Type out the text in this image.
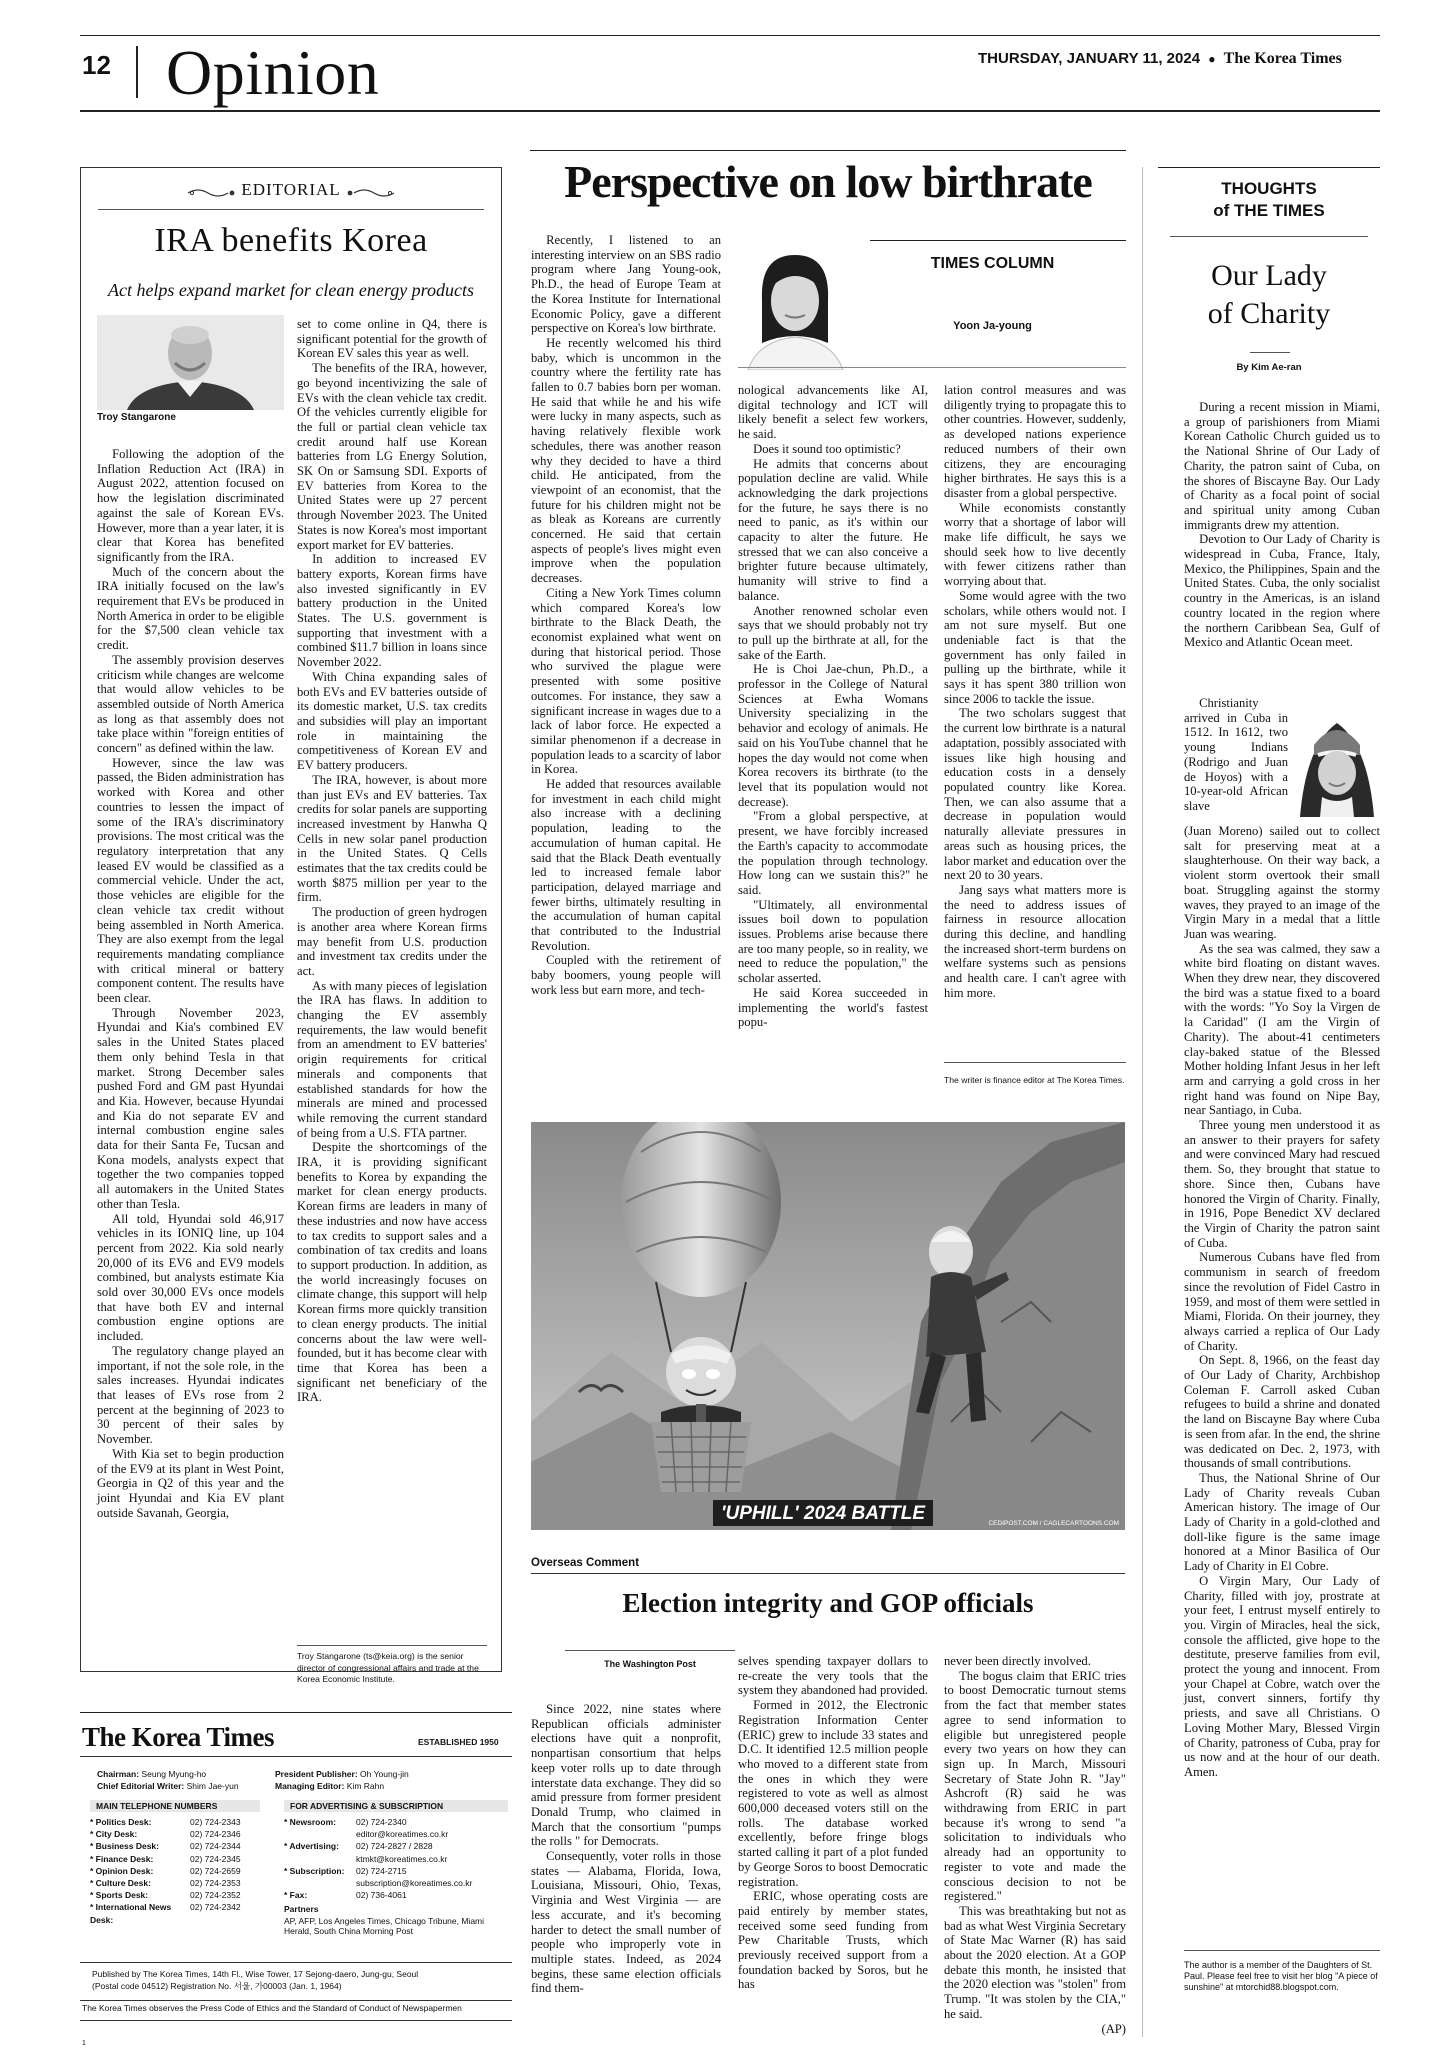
12 Opinion	THURSDAY, JANUARY 11, 2024 ● The Korea Times
EDITORIAL
IRA benefits Korea
Act helps expand market for clean energy products
Troy Stangarone

Following the adoption of the Inflation Reduction Act (IRA) in August 2022, attention focused on how the legislation discriminated against the sale of Korean EVs. However, more than a year later, it is clear that Korea has benefited significantly from the IRA.

Much of the concern about the IRA initially focused on the law's requirement that EVs be produced in North America in order to be eligible for the $7,500 clean vehicle tax credit.

The assembly provision deserves criticism while changes are welcome that would allow vehicles to be assembled outside of North America as long as that assembly does not take place within "foreign entities of concern" as defined within the law.

However, since the law was passed, the Biden administration has worked with Korea and other countries to lessen the impact of some of the IRA's discriminatory provisions. The most critical was the regulatory interpretation that any leased EV would be classified as a commercial vehicle. Under the act, those vehicles are eligible for the clean vehicle tax credit without being assembled in North America. They are also exempt from the legal requirements mandating compliance with critical mineral or battery component content. The results have been clear.

Through November 2023, Hyundai and Kia's combined EV sales in the United States placed them only behind Tesla in that market. Strong December sales pushed Ford and GM past Hyundai and Kia. However, because Hyundai and Kia do not separate EV and internal combustion engine sales data for their Santa Fe, Tucsan and Kona models, analysts expect that together the two companies topped all automakers in the United States other than Tesla.

All told, Hyundai sold 46,917 vehicles in its IONIQ line, up 104 percent from 2022. Kia sold nearly 20,000 of its EV6 and EV9 models combined, but analysts estimate Kia sold over 30,000 EVs once models that have both EV and internal combustion engine options are included.

The regulatory change played an important, if not the sole role, in the sales increases. Hyundai indicates that leases of EVs rose from 2 percent at the beginning of 2023 to 30 percent of their sales by November.

With Kia set to begin production of the EV9 at its plant in West Point, Georgia in Q2 of this year and the joint Hyundai and Kia EV plant outside Savanah, Georgia,

set to come online in Q4, there is significant potential for the growth of Korean EV sales this year as well.

The benefits of the IRA, however, go beyond incentivizing the sale of EVs with the clean vehicle tax credit. Of the vehicles currently eligible for the full or partial clean vehicle tax credit around half use Korean batteries from LG Energy Solution, SK On or Samsung SDI. Exports of EV batteries from Korea to the United States were up 27 percent through November 2023. The United States is now Korea's most important export market for EV batteries.

In addition to increased EV battery exports, Korean firms have also invested significantly in EV battery production in the United States. The U.S. government is supporting that investment with a combined $11.7 billion in loans since November 2022.

With China expanding sales of both EVs and EV batteries outside of its domestic market, U.S. tax credits and subsidies will play an important role in maintaining the competitiveness of Korean EV and EV battery producers.

The IRA, however, is about more than just EVs and EV batteries. Tax credits for solar panels are supporting increased investment by Hanwha Q Cells in new solar panel production in the United States. Q Cells estimates that the tax credits could be worth $875 million per year to the firm.

The production of green hydrogen is another area where Korean firms may benefit from U.S. production and investment tax credits under the act.

As with many pieces of legislation the IRA has flaws. In addition to changing the EV assembly requirements, the law would benefit from an amendment to EV batteries' origin requirements for critical minerals and components that established standards for how the minerals are mined and processed while removing the current standard of being from a U.S. FTA partner.

Despite the shortcomings of the IRA, it is providing significant benefits to Korea by expanding the market for clean energy products. Korean firms are leaders in many of these industries and now have access to tax credits to support sales and a combination of tax credits and loans to support production. In addition, as the world increasingly focuses on climate change, this support will help Korean firms more quickly transition to clean energy products. The initial concerns about the law were well-founded, but it has become clear with time that Korea has been a significant net beneficiary of the IRA.

Troy Stangarone (ts@keia.org) is the senior director of congressional affairs and trade at the Korea Economic Institute.
Perspective on low birthrate
TIMES COLUMN
Yoon Ja-young

Recently, I listened to an interesting interview on an SBS radio program where Jang Young-ook, Ph.D., the head of Europe Team at the Korea Institute for International Economic Policy, gave a different perspective on Korea's low birthrate.

He recently welcomed his third baby, which is uncommon in the country where the fertility rate has fallen to 0.7 babies born per woman. He said that while he and his wife were lucky in many aspects, such as having relatively flexible work schedules, there was another reason why they decided to have a third child. He anticipated, from the viewpoint of an economist, that the future for his children might not be as bleak as Koreans are currently concerned. He said that certain aspects of people's lives might even improve when the population decreases.

Citing a New York Times column which compared Korea's low birthrate to the Black Death, the economist explained what went on during that historical period. Those who survived the plague were presented with some positive outcomes. For instance, they saw a significant increase in wages due to a lack of labor force. He expected a similar phenomenon if a decrease in population leads to a scarcity of labor in Korea.

He added that resources available for investment in each child might also increase with a declining population, leading to the accumulation of human capital. He said that the Black Death eventually led to increased female labor participation, delayed marriage and fewer births, ultimately resulting in the accumulation of human capital that contributed to the Industrial Revolution.

Coupled with the retirement of baby boomers, young people will work less but earn more, and tech-

nological advancements like AI, digital technology and ICT will likely benefit a select few workers, he said.

Does it sound too optimistic?

He admits that concerns about population decline are valid. While acknowledging the dark projections for the future, he says there is no need to panic, as it's within our capacity to alter the future. He stressed that we can also conceive a brighter future because ultimately, humanity will strive to find a balance.

Another renowned scholar even says that we should probably not try to pull up the birthrate at all, for the sake of the Earth.

He is Choi Jae-chun, Ph.D., a professor in the College of Natural Sciences at Ewha Womans University specializing in the behavior and ecology of animals. He said on his YouTube channel that he hopes the day would not come when Korea recovers its birthrate (to the level that its population would not decrease).

"From a global perspective, at present, we have forcibly increased the Earth's capacity to accommodate the population through technology. How long can we sustain this?" he said.

"Ultimately, all environmental issues boil down to population issues. Problems arise because there are too many people, so in reality, we need to reduce the population," the scholar asserted.

He said Korea succeeded in implementing the world's fastest popu-

lation control measures and was diligently trying to propagate this to other countries. However, suddenly, as developed nations experience reduced numbers of their own citizens, they are encouraging higher birthrates. He says this is a disaster from a global perspective.

While economists constantly worry that a shortage of labor will make life difficult, he says we should seek how to live decently with fewer citizens rather than worrying about that.

Some would agree with the two scholars, while others would not. I am not sure myself. But one undeniable fact is that the government has only failed in pulling up the birthrate, while it says it has spent 380 trillion won since 2006 to tackle the issue.

The two scholars suggest that the current low birthrate is a natural adaptation, possibly associated with issues like high housing and education costs in a densely populated country like Korea. Then, we can also assume that a decrease in population would naturally alleviate pressures in areas such as housing prices, the labor market and education over the next 20 to 30 years.

Jang says what matters more is the need to address issues of fairness in resource allocation during this decline, and handling the increased short-term burdens on welfare systems such as pensions and health care. I can't agree with him more.

The writer is finance editor at The Korea Times.
'UPHILL' 2024 BATTLE	CEDIPOST.COM / CAGLECARTOONS.COM
Overseas Comment
Election integrity and GOP officials
The Washington Post

Since 2022, nine states where Republican officials administer elections have quit a nonprofit, nonpartisan consortium that helps keep voter rolls up to date through interstate data exchange. They did so amid pressure from former president Donald Trump, who claimed in March that the consortium "pumps the rolls " for Democrats.

Consequently, voter rolls in those states — Alabama, Florida, Iowa, Louisiana, Missouri, Ohio, Texas, Virginia and West Virginia — are less accurate, and it's becoming harder to detect the small number of people who improperly vote in multiple states. Indeed, as 2024 begins, these same election officials find them-

selves spending taxpayer dollars to re-create the very tools that the system they abandoned had provided.

Formed in 2012, the Electronic Registration Information Center (ERIC) grew to include 33 states and D.C. It identified 12.5 million people who moved to a different state from the ones in which they were registered to vote as well as almost 600,000 deceased voters still on the rolls. The database worked excellently, before fringe blogs started calling it part of a plot funded by George Soros to boost Democratic registration.

ERIC, whose operating costs are paid entirely by member states, received some seed funding from Pew Charitable Trusts, which previously received support from a foundation backed by Soros, but he has

never been directly involved.

The bogus claim that ERIC tries to boost Democratic turnout stems from the fact that member states agree to send information to eligible but unregistered people every two years on how they can sign up. In March, Missouri Secretary of State John R. "Jay" Ashcroft (R) said he was withdrawing from ERIC in part because it's wrong to send "a solicitation to individuals who already had an opportunity to register to vote and made the conscious decision to not be registered."

This was breathtaking but not as bad as what West Virginia Secretary of State Mac Warner (R) has said about the 2020 election. At a GOP debate this month, he insisted that the 2020 election was "stolen" from Trump. "It was stolen by the CIA," he said.

(AP)
THOUGHTS
of THE TIMES
Our Lady
of Charity
By Kim Ae-ran

During a recent mission in Miami, a group of parishioners from Miami Korean Catholic Church guided us to the National Shrine of Our Lady of Charity, the patron saint of Cuba, on the shores of Biscayne Bay. Our Lady of Charity as a focal point of social and spiritual unity among Cuban immigrants drew my attention.

Devotion to Our Lady of Charity is widespread in Cuba, France, Italy, Mexico, the Philippines, Spain and the United States. Cuba, the only socialist country in the Americas, is an island country located in the region where the northern Caribbean Sea, Gulf of Mexico and Atlantic Ocean meet.

Christianity arrived in Cuba in 1512. In 1612, two young Indians (Rodrigo and Juan de Hoyos) with a 10-year-old African slave

(Juan Moreno) sailed out to collect salt for preserving meat at a slaughterhouse. On their way back, a violent storm overtook their small boat. Struggling against the stormy waves, they prayed to an image of the Virgin Mary in a medal that a little Juan was wearing.

As the sea was calmed, they saw a white bird floating on distant waves. When they drew near, they discovered the bird was a statue fixed to a board with the words: "Yo Soy la Virgen de la Caridad" (I am the Virgin of Charity). The about-41 centimeters clay-baked statue of the Blessed Mother holding Infant Jesus in her left arm and carrying a gold cross in her right hand was found on Nipe Bay, near Santiago, in Cuba.

Three young men understood it as an answer to their prayers for safety and were convinced Mary had rescued them. So, they brought that statue to shore. Since then, Cubans have honored the Virgin of Charity. Finally, in 1916, Pope Benedict XV declared the Virgin of Charity the patron saint of Cuba.

Numerous Cubans have fled from communism in search of freedom since the revolution of Fidel Castro in 1959, and most of them were settled in Miami, Florida. On their journey, they always carried a replica of Our Lady of Charity.

On Sept. 8, 1966, on the feast day of Our Lady of Charity, Archbishop Coleman F. Carroll asked Cuban refugees to build a shrine and donated the land on Biscayne Bay where Cuba is seen from afar. In the end, the shrine was dedicated on Dec. 2, 1973, with thousands of small contributions.

Thus, the National Shrine of Our Lady of Charity reveals Cuban American history. The image of Our Lady of Charity in a gold-clothed and doll-like figure is the same image honored at a Minor Basilica of Our Lady of Charity in El Cobre.

O Virgin Mary, Our Lady of Charity, filled with joy, prostrate at your feet, I entrust myself entirely to you. Virgin of Miracles, heal the sick, console the afflicted, give hope to the destitute, preserve families from evil, protect the young and innocent. From your Chapel at Cobre, watch over the just, convert sinners, fortify thy priests, and save all Christians. O Loving Mother Mary, Blessed Virgin of Charity, patroness of Cuba, pray for us now and at the hour of our death. Amen.

The author is a member of the Daughters of St. Paul. Please feel free to visit her blog "A piece of sunshine" at mtorchid88.blogspot.com.
The Korea Times	ESTABLISHED 1950
Chairman: Seung Myung-ho
Chief Editorial Writer: Shim Jae-yun
President Publisher: Oh Young-jin
Managing Editor: Kim Rahn
MAIN TELEPHONE NUMBERS
* Politics Desk:	02) 724-2343
* City Desk:	02) 724-2346
* Business Desk:	02) 724-2344
* Finance Desk:	02) 724-2345
* Opinion Desk:	02) 724-2659
* Culture Desk:	02) 724-2353
* Sports Desk:	02) 724-2352
* International News Desk:
02) 724-2342
FOR ADVERTISING & SUBSCRIPTION
* Newsroom:	02) 724-2340
editor@koreatimes.co.kr
* Advertising:	02) 724-2827 / 2828
ktmkt@koreatimes.co.kr
* Subscription:	02) 724-2715
subscription@koreatimes.co.kr
* Fax:	02) 736-4061
Partners
AP, AFP, Los Angeles Times, Chicago Tribune, Miami Herald, South China Morning Post
Published by The Korea Times, 14th Fl., Wise Tower, 17 Sejong-daero, Jung-gu, Seoul
(Postal code 04512) Registration No. 서울, 가00003 (Jan. 1, 1964)
The Korea Times observes the Press Code of Ethics and the Standard of Conduct of Newspapermen
1
